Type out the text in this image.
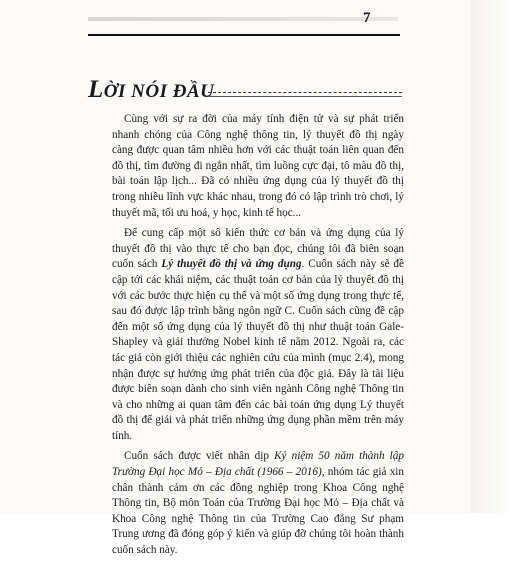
7
LỜI NÓI ĐẦU

Cùng với sự ra đời của máy tính điện tử và sự phát triển nhanh chóng của Công nghệ thông tin, lý thuyết đồ thị ngày càng được quan tâm nhiều hơn với các thuật toán liên quan đến đồ thị, tìm đường đi ngắn nhất, tìm luồng cực đại, tô màu đồ thị, bài toán lập lịch... Đã có nhiều ứng dụng của lý thuyết đồ thị trong nhiều lĩnh vực khác nhau, trong đó có lập trình trò chơi, lý thuyết mã, tối ưu hoá, y học, kinh tế học...

Để cung cấp một số kiến thức cơ bản và ứng dụng của lý thuyết đồ thị vào thực tế cho bạn đọc, chúng tôi đã biên soạn cuốn sách Lý thuyết đồ thị và ứng dụng. Cuốn sách này sẽ đề cập tới các khái niệm, các thuật toán cơ bản của lý thuyết đồ thị với các bước thực hiện cụ thể và một số ứng dụng trong thực tế, sau đó được lập trình bằng ngôn ngữ C. Cuốn sách cũng đề cập đến một số ứng dụng của lý thuyết đồ thị như thuật toán Gale-Shapley và giải thưởng Nobel kinh tế năm 2012. Ngoài ra, các tác giả còn giới thiệu các nghiên cứu của mình (mục 2.4), mong nhận được sự hướng ứng phát triển của độc giả. Đây là tài liệu được biên soạn dành cho sinh viên ngành Công nghệ Thông tin và cho những ai quan tâm đến các bài toán ứng dụng Lý thuyết đồ thị để giải và phát triển những ứng dụng phần mềm trên máy tính.

Cuốn sách được viết nhân dịp Kỷ niệm 50 năm thành lập Trường Đại học Mỏ – Địa chất (1966 – 2016), nhóm tác giả xin chân thành cảm ơn các đồng nghiệp trong Khoa Công nghệ Thông tin, Bộ môn Toán của Trường Đại học Mỏ – Địa chất và Khoa Công nghệ Thông tin của Trường Cao đẳng Sư phạm Trung ương đã đóng góp ý kiến và giúp đỡ chúng tôi hoàn thành cuốn sách này.
